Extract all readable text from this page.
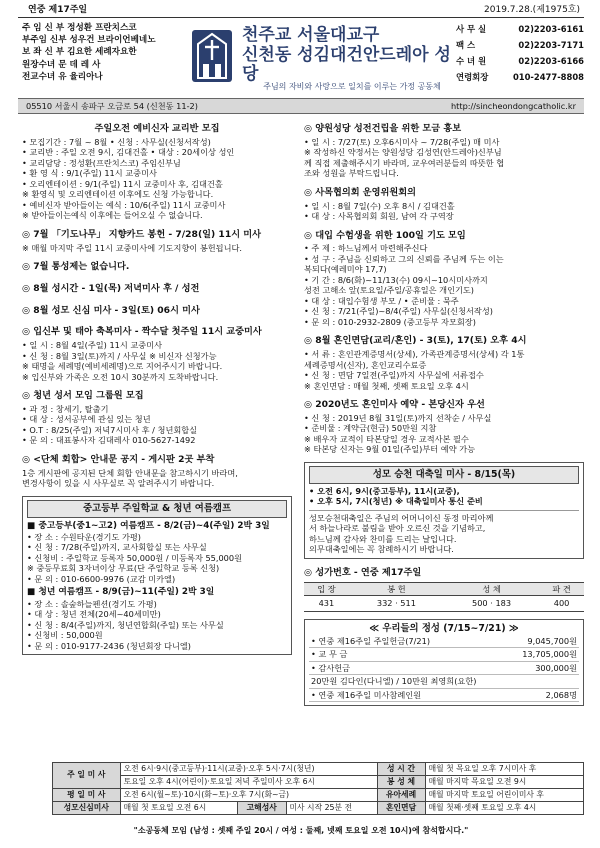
연중 제17주일	2019.7.28.(제1975호)
주 임 신 부 정성환 프란치스코
부주임 신부 성우건 브라이언베네노
보 좌 신 부 김요한 세례자요한
원장수녀 문 데 레 사
전교수녀 유 율리아나
천주교 서울대교구
신천동 성김대건안드레아 성당
주님의 자비와 사랑으로 일치를 이루는 가정 공동체
사 무 실	02)2203-6161
팩 스	02)2203-7171
수 녀 원	02)2203-6166
연령회장	010-2477-8808
05510 서울시 송파구 오금로 54 (신천동 11-2)	http://sincheondongcatholic.kr
주일오전 예비신자 교리반 모집
• 모집기간 : 7월 ~ 8월 • 신청 : 사무실(신청서작성)
• 교리반 : 주일 오전 9시, 김대건홀 • 대상 : 20세이상 성인
• 교리담당 : 정성환(프란치스코) 주임신부님
• 환 영 식 : 9/1(주일) 11시 교중미사
• 오리엔테이션 : 9/1(주일) 11시 교중미사 후, 김대건홀
※ 환영식 및 오리엔테이션 이후에도 신청 가능합니다.
• 예비신자 받아들이는 예식 : 10/6(주일) 11시 교중미사
※ 받아들이는예식 이후에는 들어오실 수 없습니다.
◎ 7월 「기도나무」 지향카드 봉헌 - 7/28(일) 11시 미사
※ 매월 마지막 주일 11시 교중미사에 기도지향이 봉헌됩니다.
◎ 7월 통성제는 없습니다.
◎ 8월 성시간 - 1일(목) 저녁미사 후 / 성전
◎ 8월 성모 신심 미사 - 3일(토) 06시 미사
◎ 입신부 및 태아 축복미사 - 짝수달 첫주일 11시 교중미사
• 일 시 : 8월 4일(주일) 11시 교중미사
• 신 청 : 8월 3일(토)까지 / 사무실 ※ 비신자 신청가능
※ 태명을 세례명(예비세례명)으로 지어주시기 바랍니다.
※ 입신부와 가족은 오전 10시 30분까지 도착바랍니다.
◎ 청년 성서 모임 그룹원 모집
• 과 정 : 창세기, 탈출기
• 대 상 : 성서공부에 관심 있는 청년
• O.T : 8/25(주일) 저녁7시미사 후 / 청년회합실
• 문 의 : 대표봉사자 김대레사 010-5627-1492
◎ <단체 회합> 안내문 공지 - 게시판 2곳 부착
1층 게시판에 공지된 단체 회합 안내문을 참고하시기 바라며,
변경사항이 있을 시 사무실로 꼭 알려주시기 바랍니다.
중고등부 주일학교 & 청년 여름캠프
■ 중고등부(중1~고2) 여름캠프 - 8/2(금)~4(주일) 2박 3일
• 장 소 : 수원타운(경기도 가평)
• 신 청 : 7/28(주일)까지, 교사회합실 또는 사무실
• 신청비 : 주일학교 등록자 50,000원 / 미등록자 55,000원
※ 중등무료회 3자녀이상 무료(단 주일학교 등록 신청)
• 문 의 : 010-6600-9976 (교감 미카엘)
■ 청년 여름캠프 - 8/9(금)~11(주일) 2박 3일
• 장 소 : 솔숲하늘펜션(경기도 가평)
• 대 상 : 청년 전체(20세~40세미만)
• 신 청 : 8/4(주일)까지, 청년연합회(주일) 또는 사무실
• 신청비 : 50,000원
• 문 의 : 010-9177-2436 (청년회장 다니엘)
◎ 양원성당 성전건립을 위한 모금 홍보
• 일 시 : 7/27(토) 오후6시미사 ~ 7/28(주일) 매 미사
※ 작성하신 약정서는 양원성당 김성연(안드레아)신부님
께 직접 제출해주시기 바라며, 교우여러분들의 따뜻한 협
조와 성원을 부탁드립니다.
◎ 사목협의회 운영위원회의
• 일 시 : 8월 7일(수) 오후 8시 / 김대건홀
• 대 상 : 사목협의회 회원, 남여 각 구역장
◎ 대입 수험생을 위한 100일 기도 모임
• 주 제 : 하느님께서 마련해주신다
• 성 구 : 주님을 신뢰하고 그의 신뢰를 주님께 두는 이는
복되다(예레미야 17,7)
• 기 간 : 8/6(화)~11/13(수) 09시~10시미사까지
성전 고해소 앞(토요일/주일/공휴일은 개인기도)
• 대 상 : 대입수험생 부모 / • 준비물 : 묵주
• 신 청 : 7/21(주일)~8/4(주일) 사무실(신청서작성)
• 문 의 : 010-2932-2809 (중고등부 자모회장)
◎ 8월 혼인면담(교리/혼인) - 3(토), 17(토) 오후 4시
• 서 류 : 혼인관계증명서(상세), 가족관계증명서(상세) 각 1통
세례증명서(신자), 혼인교리수료증
• 신 청 : 면담 7일전(주일)까지 사무실에 서류접수
※ 혼인면담 : 매월 첫째, 셋째 토요일 오후 4시
◎ 2020년도 혼인미사 예약 - 본당신자 우선
• 신 청 : 2019년 8월 31일(토)까지 선착순 / 사무실
• 준비물 : 계약금(현금) 50만원 지참
※ 배우자 교적이 타본당일 경우 교적사본 필수
※ 타본당 신자는 9월 01일(주일)부터 예약 가능
성모 승천 대축일 미사 - 8/15(목)
• 오전 6시, 9시(중고등부), 11시(교중),
• 오후 5시, 7시(청년) ※ 대축일미사 통신 준비
성모승천대축일은 주님의 어머니이신 동정 마리아께
서 하늘나라로 불림을 받아 오르신 것을 기념하고,
하느님께 감사와 찬미를 드리는 날입니다.
의무대축일에는 꼭 참례하시기 바랍니다.
◎ 성가번호 - 연중 제17주일
입 장	봉 헌	성 체	파 견
431	332 · 511	500 · 183	400
≪ 우리들의 정성 (7/15~7/21) ≫
• 연중 제16주일 주일헌금(7/21)	9,045,700원
• 교 무 금	13,705,000원
• 감사헌금	300,000원
20만원 김다인(다니엘) / 10만원 최영희(요한)
• 연중 제16주일 미사참례인원	2,068명
주 일 미 사	오전 6시·9시(중고등부)·11시(교중)·오후 5시·7시(청년)			성 시 간	매월 첫 목요일 오후 7시미사 후
	토요일 오후 4시(어린이)·토요일 저녁 주일미사 오후 6시			봉 성 체	매월 마지막 목요일 오전 9시
평 일 미 사	오전 6시(월~토)·10시(화~토)·오후 7시(화~금)			유아세례	매월 마지막 토요일 어린이미사 후
성모신심미사	매월 첫 토요일 오전 6시	고해성사	미사 시작 25분 전	혼인면담	매월 첫째·셋째 토요일 오후 4시
"소공동체 모임 (남성 : 셋째 주일 20시 / 여성 : 둘째, 넷째 토요일 오전 10시)에 참석합시다."
